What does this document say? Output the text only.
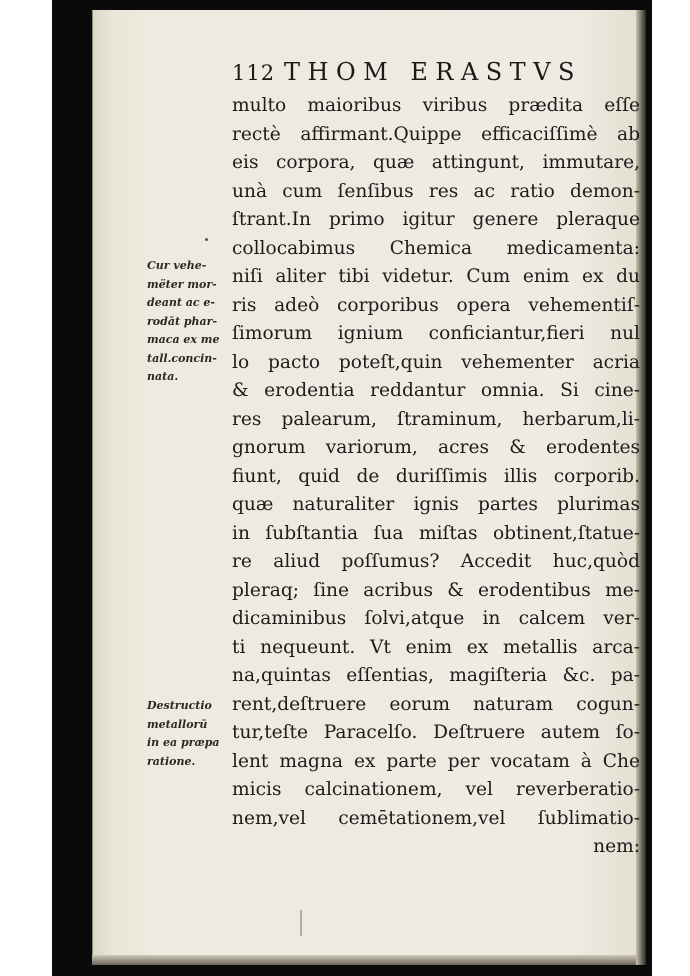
112 THOM ERASTVS
multo maioribus viribus prædita eſſe
rectè affirmant.Quippe efficaciſſimè ab
eis corpora, quæ attingunt, immutare,
unà cum ſenſibus res ac ratio demon-
ſtrant.In primo igitur genere pleraque
collocabimus Chemica medicamenta:
niſi aliter tibi videtur. Cum enim ex du
ris adeò corporibus opera vehementiſ-
ſimorum ignium conficiantur,fieri nul
lo pacto poteſt,quin vehementer acria
& erodentia reddantur omnia. Si cine-
res palearum, ſtraminum, herbarum,li-
gnorum variorum, acres & erodentes
fiunt, quid de duriſſimis illis corporib.
quæ naturaliter ignis partes plurimas
in ſubſtantia ſua miſtas obtinent,ſtatue-
re aliud poſſumus? Accedit huc,quòd
pleraq; ſine acribus & erodentibus me-
dicaminibus ſolvi,atque in calcem ver-
ti nequeunt. Vt enim ex metallis arca-
na,quintas eſſentias, magiſteria &c. pa-
rent,deſtruere eorum naturam cogun-
tur,teſte Paracelſo. Deſtruere autem ſo-
lent magna ex parte per vocatam à Che
micis calcinationem, vel reverberatio-
nem,vel cemētationem,vel ſublimatio-
nem:
Cur vehe-
mëter mor-
deant ac e-
rodāt phar-
maca ex me
tall.concin-
nata.
Destructio
metallorū
in ea præpa
ratione.
